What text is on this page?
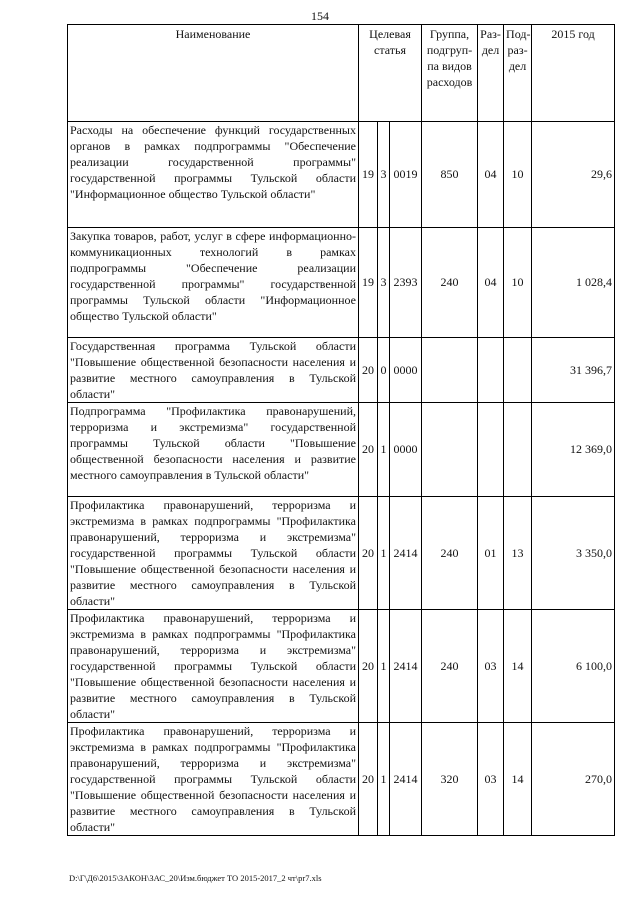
154
Наименование	Целевая статья			Группа, подгруп- па видов расходов	Раз- дел	Под- раз- дел	2015 год
Расходы на обеспечение функций государственных органов в рамках подпрограммы "Обеспечение реализации государственной программы" государственной программы Тульской области "Информационное общество Тульской области"	19	3	0019	850	04	10	29,6
Закупка товаров, работ, услуг в сфере информационно-коммуникационных технологий в рамках подпрограммы "Обеспечение реализации государственной программы" государственной программы Тульской области "Информационное общество Тульской области"	19	3	2393	240	04	10	1 028,4
Государственная программа Тульской области "Повышение общественной безопасности населения и развитие местного самоуправления в Тульской области"	20	0	0000				31 396,7
Подпрограмма "Профилактика правонарушений, терроризма и экстремизма" государственной программы Тульской области "Повышение общественной безопасности населения и развитие местного самоуправления в Тульской области"	20	1	0000				12 369,0
Профилактика правонарушений, терроризма и экстремизма в рамках подпрограммы "Профилактика правонарушений, терроризма и экстремизма" государственной программы Тульской области "Повышение общественной безопасности населения и развитие местного самоуправления в Тульской области"	20	1	2414	240	01	13	3 350,0
Профилактика правонарушений, терроризма и экстремизма в рамках подпрограммы "Профилактика правонарушений, терроризма и экстремизма" государственной программы Тульской области "Повышение общественной безопасности населения и развитие местного самоуправления в Тульской области"	20	1	2414	240	03	14	6 100,0
Профилактика правонарушений, терроризма и экстремизма в рамках подпрограммы "Профилактика правонарушений, терроризма и экстремизма" государственной программы Тульской области "Повышение общественной безопасности населения и развитие местного самоуправления в Тульской области"	20	1	2414	320	03	14	270,0
D:\Г\Д6\2015\ЗАКОН\ЗАС_20\Изм.бюджет ТО 2015-2017_2 чт\pr7.xls
